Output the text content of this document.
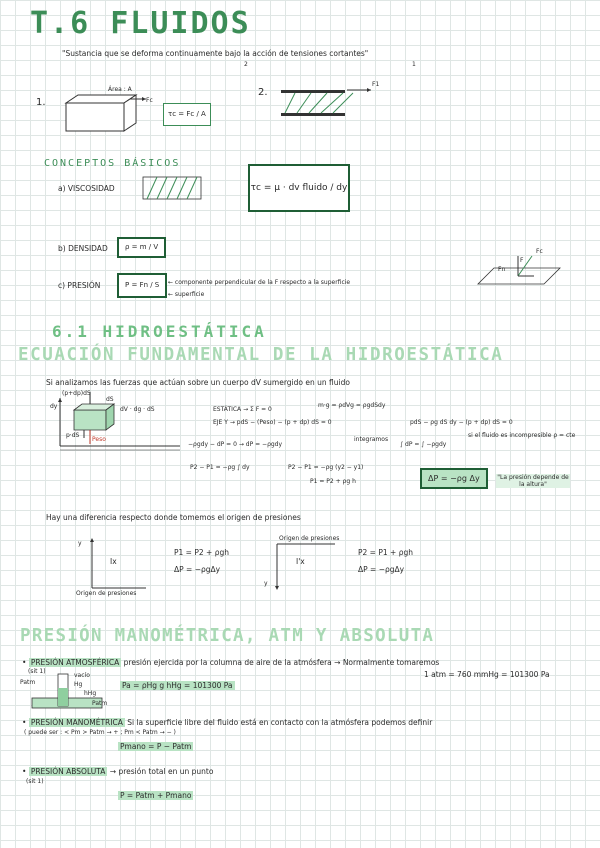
T.6 FLUIDOS
"Sustancia que se deforma continuamente bajo la acción de tensiones cortantes"
2	1
1.
Área : A
Fc
τc = Fc / A
2.
F1
CONCEPTOS BÁSICOS
a) VISCOSIDAD	τc = μ · dv fluido / dy
b) DENSIDAD	ρ = m / V
c) PRESIÓN	P = Fn / S	← componente perpendicular de la F respecto a la superficie
← superficie
Fn
F
Fc
6.1 HIDROESTÁTICA
ECUACIÓN FUNDAMENTAL DE LA HIDROESTÁTICA
Si analizamos las fuerzas que actúan sobre un cuerpo dV sumergido en un fluido
(p+dp)dS
dS
dy
p·dS
Peso
dV · dg · dS	ESTÁTICA → Σ F = 0
m·g = ρdVg = ρgdSdy
EJE Y → pdS − (Peso) − (p + dp) dS = 0	pdS − ρg dS dy − (p + dp) dS = 0
−ρgdy − dP = 0 → dP = −ρgdy
integramos
∫ dP = ∫ −ρgdy
si el fluido es incompresible ρ = cte
P2 − P1 = −ρg ∫ dy	P2 − P1 = −ρg (y2 − y1)
P1 = P2 + ρg h	ΔP = −ρg Δy	"La presión depende de la altura"
Hay una diferencia respecto donde tomemos el origen de presiones
y
Ix
Origen de presiones
P1 = P2 + ρgh
ΔP = −ρgΔy
Origen de presiones
y
I'x
P2 = P1 + ρgh
ΔP = −ρgΔy
PRESIÓN MANOMÉTRICA, ATM Y ABSOLUTA
• PRESIÓN ATMOSFÉRICA presión ejercida por la columna de aire de la atmósfera → Normalmente tomaremos
(sit 1)	1 atm = 760 mmHg = 101300 Pa
Patm
vacío
Hg
hHg
Patm
Pa = ρHg g hHg = 101300 Pa
• PRESIÓN MANOMÉTRICA Si la superficie libre del fluido está en contacto con la atmósfera podemos definir
( puede ser : < Pm > Patm → + ; Pm < Patm → − )
Pmano = P − Patm
• PRESIÓN ABSOLUTA → presión total en un punto
(sit 1)
P = Patm + Pmano
